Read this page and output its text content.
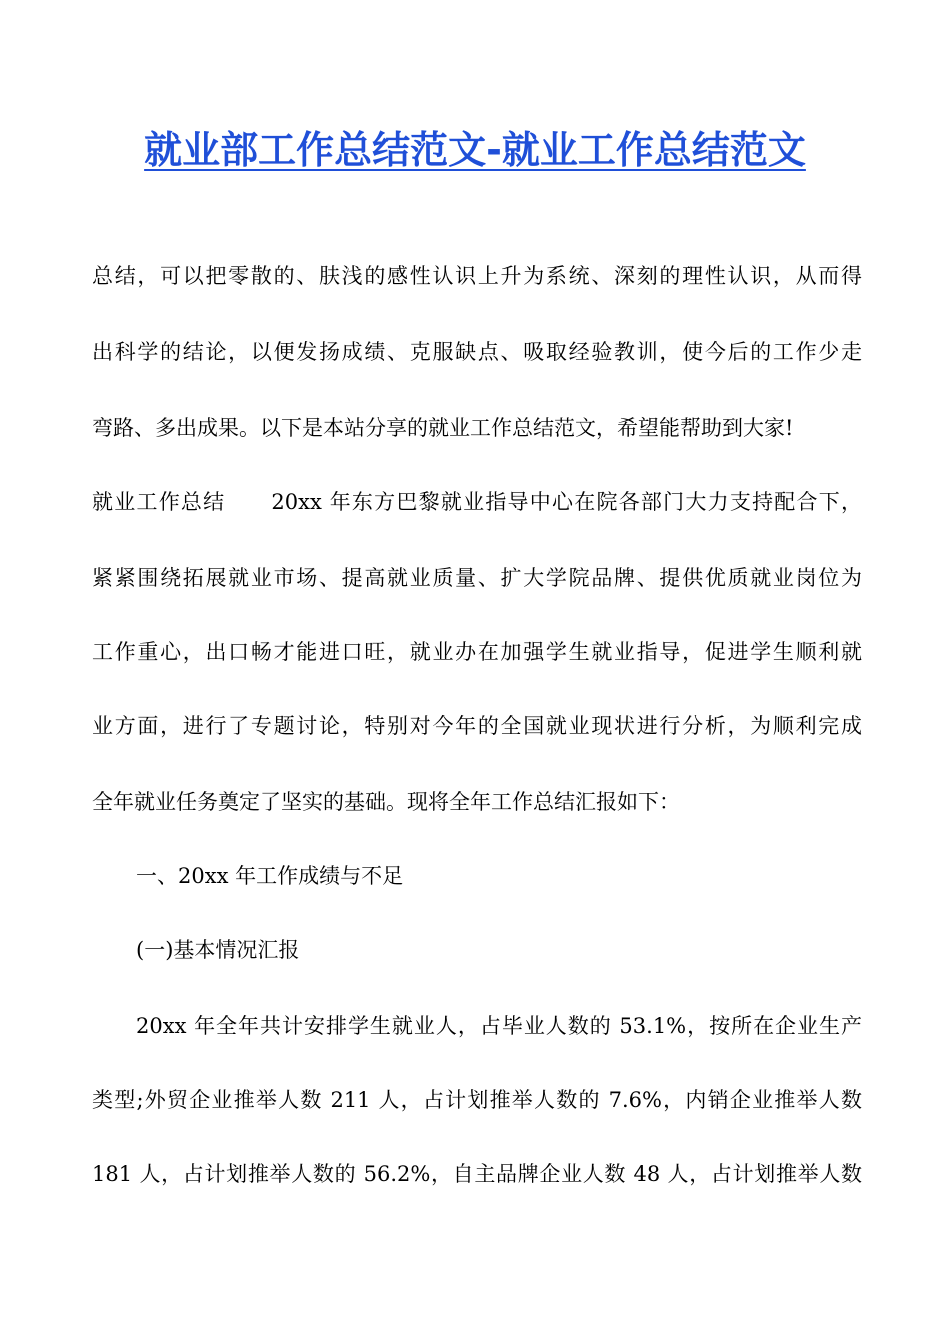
就业部工作总结范文-就业工作总结范文
总结，可以把零散的、肤浅的感性认识上升为系统、深刻的理性认识，从而得
出科学的结论，以便发扬成绩、克服缺点、吸取经验教训，使今后的工作少走
弯路、多出成果。以下是本站分享的就业工作总结范文，希望能帮助到大家!
就业工作总结 20xx 年东方巴黎就业指导中心在院各部门大力支持配合下，
紧紧围绕拓展就业市场、提高就业质量、扩大学院品牌、提供优质就业岗位为
工作重心，出口畅才能进口旺，就业办在加强学生就业指导，促进学生顺利就
业方面，进行了专题讨论，特别对今年的全国就业现状进行分析，为顺利完成
全年就业任务奠定了坚实的基础。现将全年工作总结汇报如下：
一、20xx 年工作成绩与不足
(一)基本情况汇报
20xx 年全年共计安排学生就业人，占毕业人数的 53.1%，按所在企业生产
类型;外贸企业推举人数 211 人，占计划推举人数的 7.6%，内销企业推举人数
181 人，占计划推举人数的 56.2%，自主品牌企业人数 48 人，占计划推举人数
